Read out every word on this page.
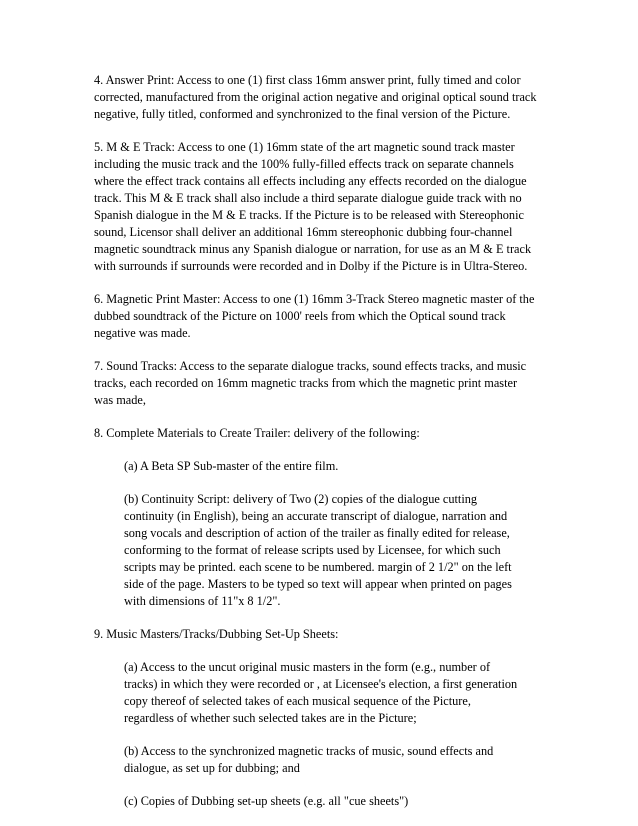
4. Answer Print: Access to one (1) first class 16mm answer print, fully timed and color
corrected, manufactured from the original action negative and original optical sound track
negative, fully titled, conformed and synchronized to the final version of the Picture.

5. M & E Track: Access to one (1) 16mm state of the art magnetic sound track master
including the music track and the 100% fully-filled effects track on separate channels
where the effect track contains all effects including any effects recorded on the dialogue
track. This M & E track shall also include a third separate dialogue guide track with no
Spanish dialogue in the M & E tracks. If the Picture is to be released with Stereophonic
sound, Licensor shall deliver an additional 16mm stereophonic dubbing four-channel
magnetic soundtrack minus any Spanish dialogue or narration, for use as an M & E track
with surrounds if surrounds were recorded and in Dolby if the Picture is in Ultra-Stereo.

6. Magnetic Print Master: Access to one (1) 16mm 3-Track Stereo magnetic master of the
dubbed soundtrack of the Picture on 1000' reels from which the Optical sound track
negative was made.

7. Sound Tracks: Access to the separate dialogue tracks, sound effects tracks, and music
tracks, each recorded on 16mm magnetic tracks from which the magnetic print master
was made,

8. Complete Materials to Create Trailer: delivery of the following:

(a) A Beta SP Sub-master of the entire film.

(b) Continuity Script: delivery of Two (2) copies of the dialogue cutting
continuity (in English), being an accurate transcript of dialogue, narration and
song vocals and description of action of the trailer as finally edited for release,
conforming to the format of release scripts used by Licensee, for which such
scripts may be printed. each scene to be numbered. margin of 2 1/2" on the left
side of the page. Masters to be typed so text will appear when printed on pages
with dimensions of 11"x 8 1/2".

9. Music Masters/Tracks/Dubbing Set-Up Sheets:

(a) Access to the uncut original music masters in the form (e.g., number of
tracks) in which they were recorded or , at Licensee's election, a first generation
copy thereof of selected takes of each musical sequence of the Picture,
regardless of whether such selected takes are in the Picture;

(b) Access to the synchronized magnetic tracks of music, sound effects and
dialogue, as set up for dubbing; and

(c) Copies of Dubbing set-up sheets (e.g. all "cue sheets")
